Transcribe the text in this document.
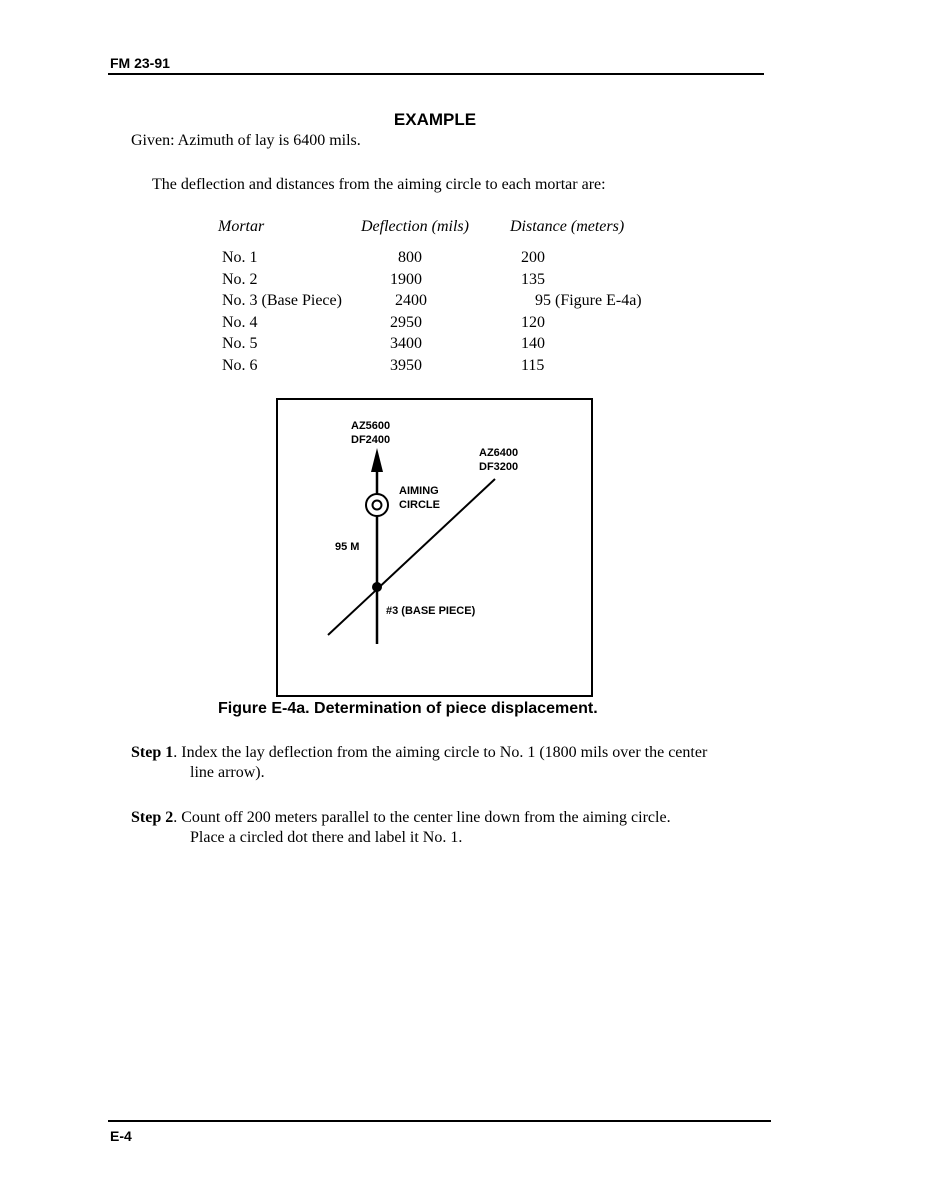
FM 23-91
EXAMPLE
Given: Azimuth of lay is 6400 mils.
The deflection and distances from the aiming circle to each mortar are:
Mortar	Deflection (mils)	Distance (meters)
No. 1	800	200
No. 2	1900	135
No. 3 (Base Piece)	2400	95 (Figure E-4a)
No. 4	2950	120
No. 5	3400	140
No. 6	3950	115
AZ5600
DF2400
AZ6400
DF3200
AIMING
CIRCLE
95 M
#3 (BASE PIECE)
Figure E-4a. Determination of piece displacement.
Step 1. Index the lay deflection from the aiming circle to No. 1 (1800 mils over the center
line arrow).
Step 2. Count off 200 meters parallel to the center line down from the aiming circle.
Place a circled dot there and label it No. 1.
E-4
